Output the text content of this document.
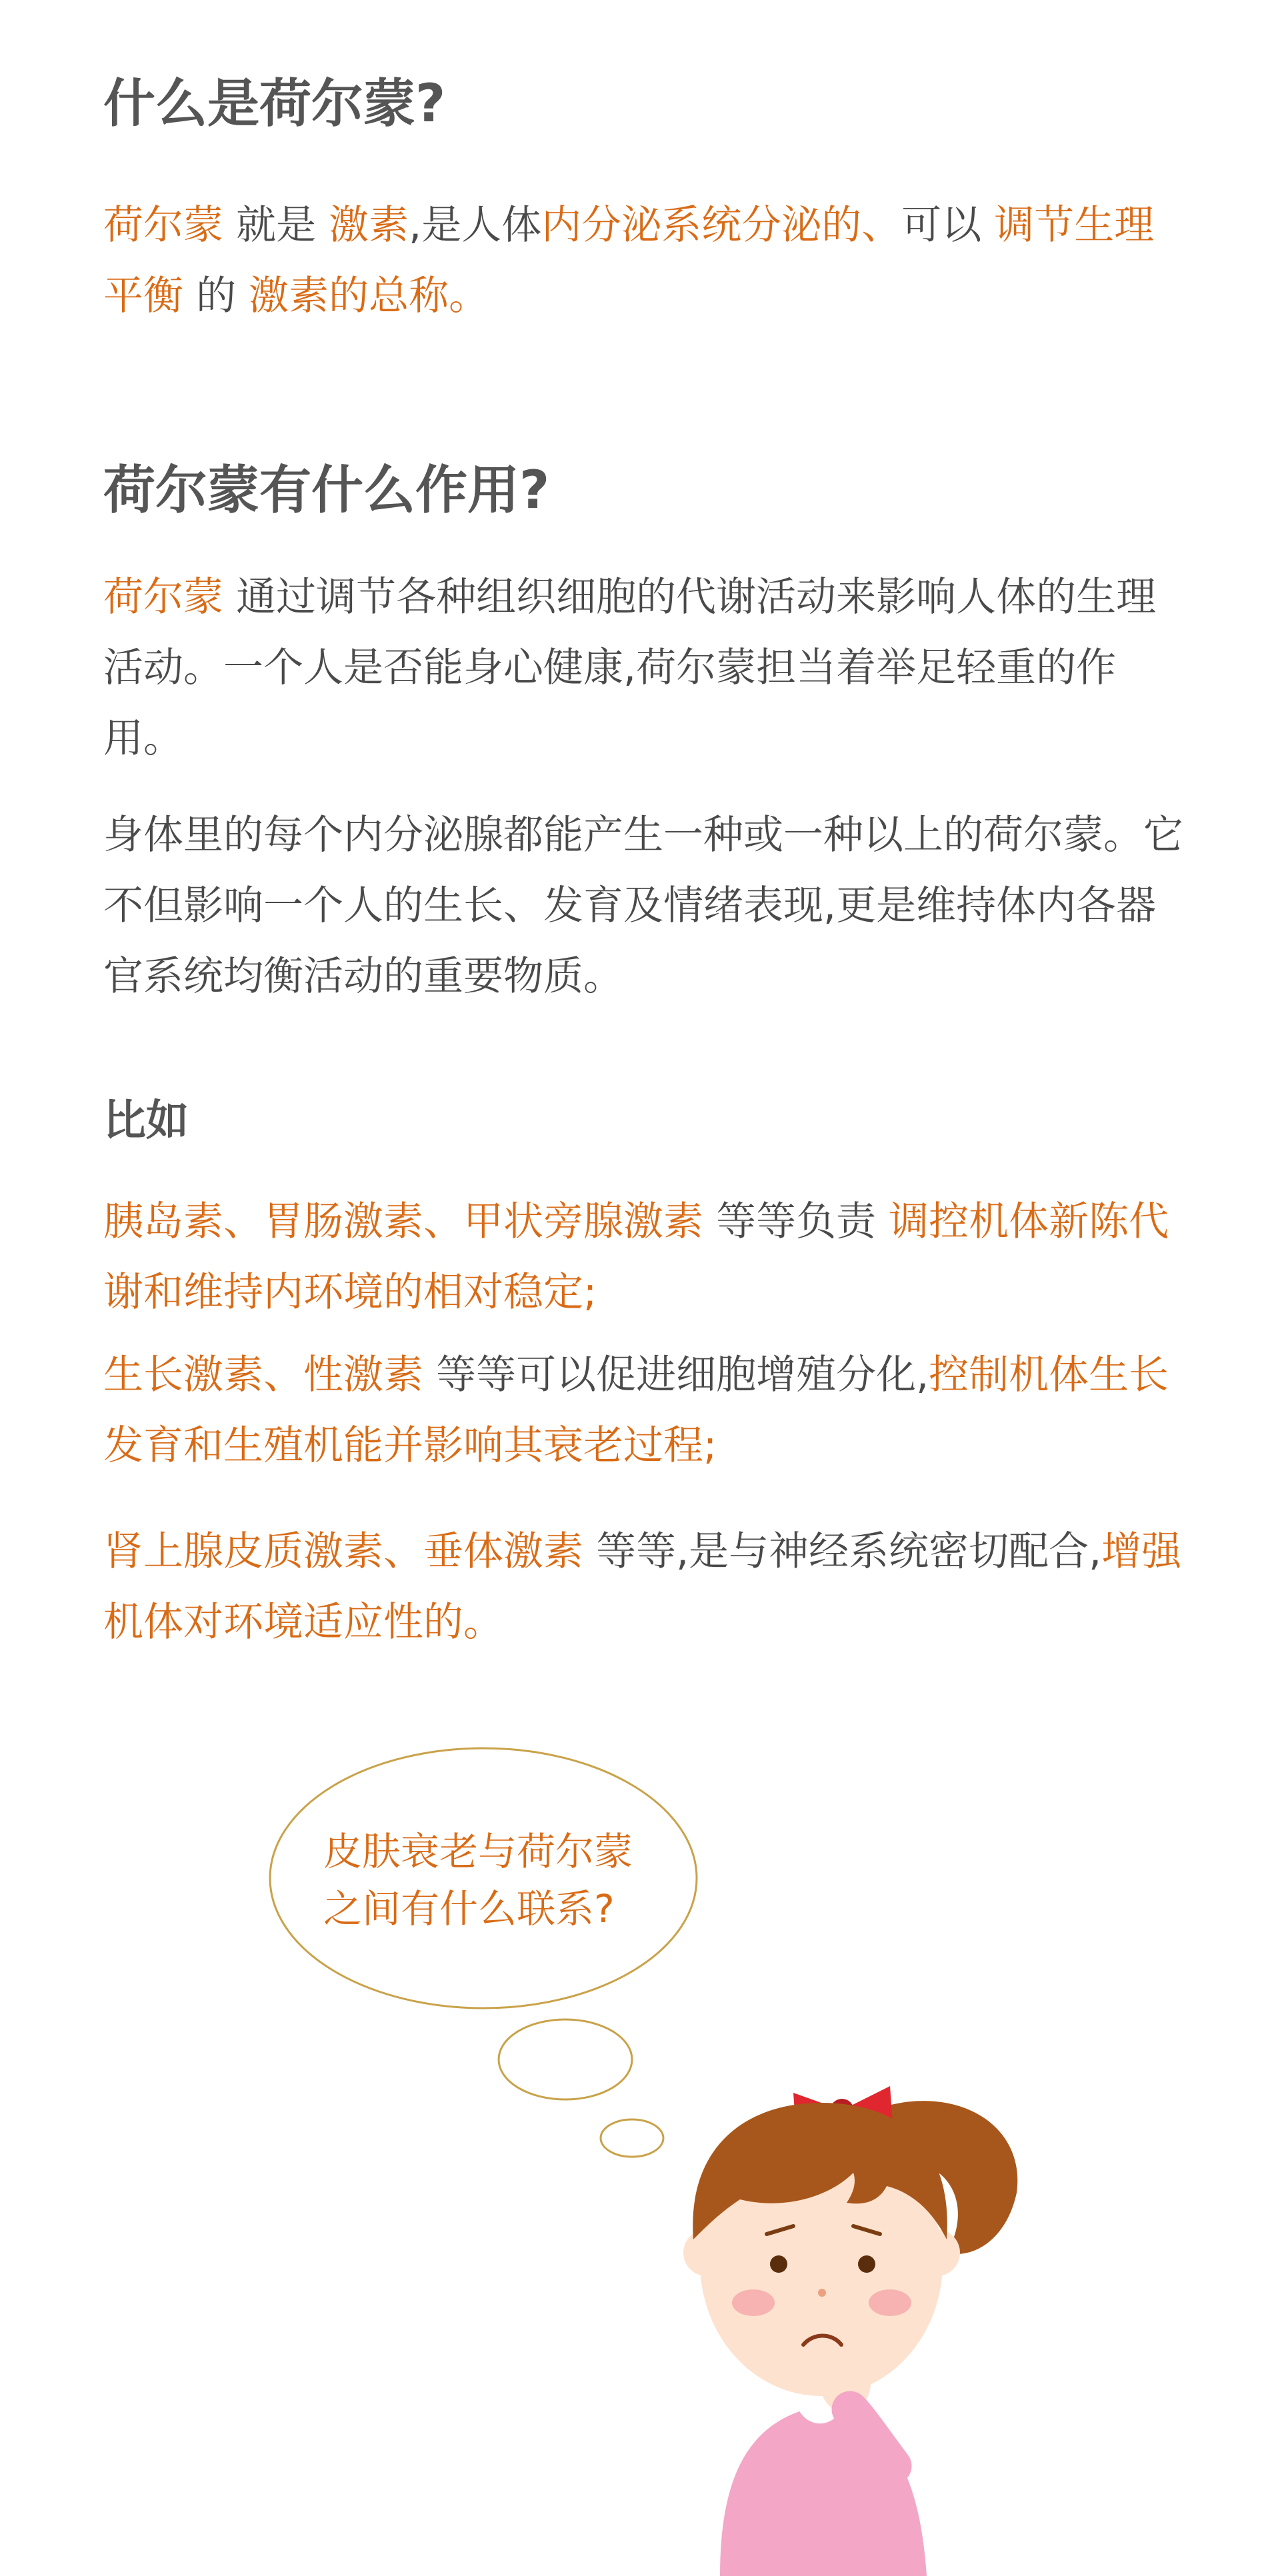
什么是荷尔蒙?

荷尔蒙 就是 激素,是人体内分泌系统分泌的、可以 调节生理平衡 的 激素的总称。

荷尔蒙有什么作用?

荷尔蒙 通过调节各种组织细胞的代谢活动来影响人体的生理活动。一个人是否能身心健康,荷尔蒙担当着举足轻重的作用。

身体里的每个内分泌腺都能产生一种或一种以上的荷尔蒙。它不但影响一个人的生长、发育及情绪表现,更是维持体内各器官系统均衡活动的重要物质。

比如

胰岛素、胃肠激素、甲状旁腺激素 等等负责 调控机体新陈代谢和维持内环境的相对稳定;

生长激素、性激素 等等可以促进细胞增殖分化,控制机体生长发育和生殖机能并影响其衰老过程;

肾上腺皮质激素、垂体激素 等等,是与神经系统密切配合,增强机体对环境适应性的。

皮肤衰老与荷尔蒙
之间有什么联系?
